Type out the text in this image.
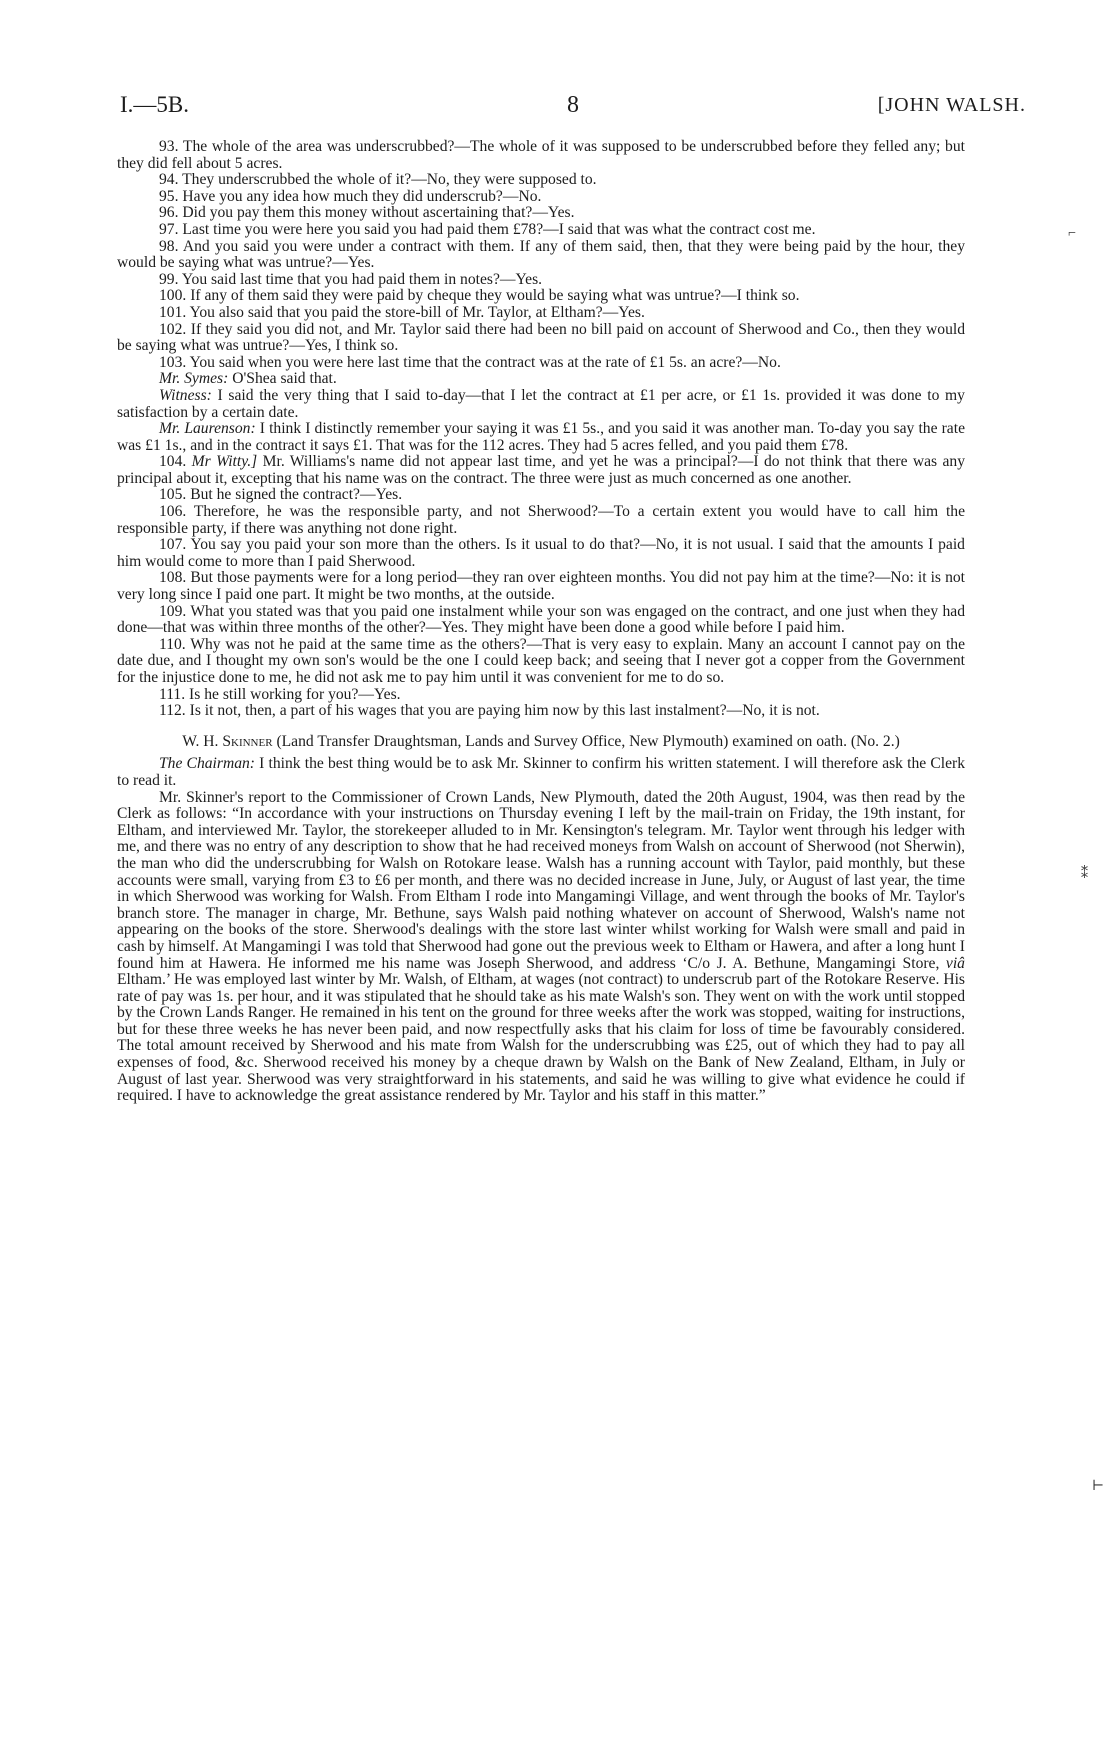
I.—5B.	8	[JOHN WALSH.

93. The whole of the area was underscrubbed?—The whole of it was supposed to be underscrubbed before they felled any; but they did fell about 5 acres.

94. They underscrubbed the whole of it?—No, they were supposed to.

95. Have you any idea how much they did underscrub?—No.

96. Did you pay them this money without ascertaining that?—Yes.

97. Last time you were here you said you had paid them £78?—I said that was what the contract cost me.

98. And you said you were under a contract with them. If any of them said, then, that they were being paid by the hour, they would be saying what was untrue?—Yes.

99. You said last time that you had paid them in notes?—Yes.

100. If any of them said they were paid by cheque they would be saying what was untrue?—I think so.

101. You also said that you paid the store-bill of Mr. Taylor, at Eltham?—Yes.

102. If they said you did not, and Mr. Taylor said there had been no bill paid on account of Sherwood and Co., then they would be saying what was untrue?—Yes, I think so.

103. You said when you were here last time that the contract was at the rate of £1 5s. an acre?—No.

Mr. Symes: O'Shea said that.

Witness: I said the very thing that I said to-day—that I let the contract at £1 per acre, or £1 1s. provided it was done to my satisfaction by a certain date.

Mr. Laurenson: I think I distinctly remember your saying it was £1 5s., and you said it was another man. To-day you say the rate was £1 1s., and in the contract it says £1. That was for the 112 acres. They had 5 acres felled, and you paid them £78.

104. Mr Witty.] Mr. Williams's name did not appear last time, and yet he was a principal?—I do not think that there was any principal about it, excepting that his name was on the contract. The three were just as much concerned as one another.

105. But he signed the contract?—Yes.

106. Therefore, he was the responsible party, and not Sherwood?—To a certain extent you would have to call him the responsible party, if there was anything not done right.

107. You say you paid your son more than the others. Is it usual to do that?—No, it is not usual. I said that the amounts I paid him would come to more than I paid Sherwood.

108. But those payments were for a long period—they ran over eighteen months. You did not pay him at the time?—No: it is not very long since I paid one part. It might be two months, at the outside.

109. What you stated was that you paid one instalment while your son was engaged on the contract, and one just when they had done—that was within three months of the other?—Yes. They might have been done a good while before I paid him.

110. Why was not he paid at the same time as the others?—That is very easy to explain. Many an account I cannot pay on the date due, and I thought my own son's would be the one I could keep back; and seeing that I never got a copper from the Government for the injustice done to me, he did not ask me to pay him until it was convenient for me to do so.

111. Is he still working for you?—Yes.

112. Is it not, then, a part of his wages that you are paying him now by this last instalment?—No, it is not.

W. H. Skinner (Land Transfer Draughtsman, Lands and Survey Office, New Plymouth) examined on oath. (No. 2.)

The Chairman: I think the best thing would be to ask Mr. Skinner to confirm his written statement. I will therefore ask the Clerk to read it.

Mr. Skinner's report to the Commissioner of Crown Lands, New Plymouth, dated the 20th August, 1904, was then read by the Clerk as follows: “In accordance with your instructions on Thursday evening I left by the mail-train on Friday, the 19th instant, for Eltham, and interviewed Mr. Taylor, the storekeeper alluded to in Mr. Kensington's telegram. Mr. Taylor went through his ledger with me, and there was no entry of any description to show that he had received moneys from Walsh on account of Sherwood (not Sherwin), the man who did the underscrubbing for Walsh on Rotokare lease. Walsh has a running account with Taylor, paid monthly, but these accounts were small, varying from £3 to £6 per month, and there was no decided increase in June, July, or August of last year, the time in which Sherwood was working for Walsh. From Eltham I rode into Mangamingi Village, and went through the books of Mr. Taylor's branch store. The manager in charge, Mr. Bethune, says Walsh paid nothing whatever on account of Sherwood, Walsh's name not appearing on the books of the store. Sherwood's dealings with the store last winter whilst working for Walsh were small and paid in cash by himself. At Mangamingi I was told that Sherwood had gone out the previous week to Eltham or Hawera, and after a long hunt I found him at Hawera. He informed me his name was Joseph Sherwood, and address ‘C/o J. A. Bethune, Mangamingi Store, viâ Eltham.’ He was employed last winter by Mr. Walsh, of Eltham, at wages (not contract) to underscrub part of the Rotokare Reserve. His rate of pay was 1s. per hour, and it was stipulated that he should take as his mate Walsh's son. They went on with the work until stopped by the Crown Lands Ranger. He remained in his tent on the ground for three weeks after the work was stopped, waiting for instructions, but for these three weeks he has never been paid, and now respectfully asks that his claim for loss of time be favourably considered. The total amount received by Sherwood and his mate from Walsh for the underscrubbing was £25, out of which they had to pay all expenses of food, &c. Sherwood received his money by a cheque drawn by Walsh on the Bank of New Zealand, Eltham, in July or August of last year. Sherwood was very straightforward in his statements, and said he was willing to give what evidence he could if required. I have to acknowledge the great assistance rendered by Mr. Taylor and his staff in this matter.”

⌐
⁑
⊢
